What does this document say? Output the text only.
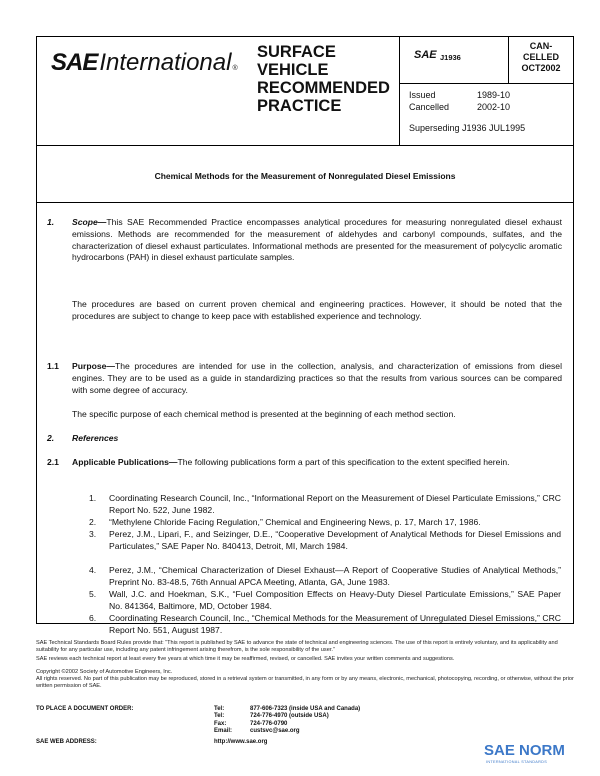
SAE International ®
SURFACE
VEHICLE
RECOMMENDED
PRACTICE
SAE J1936
CAN-
CELLED
OCT2002
Issued	1989-10
Cancelled	2002-10
Superseding J1936 JUL1995
Chemical Methods for the Measurement of Nonregulated Diesel Emissions
1. Scope—This SAE Recommended Practice encompasses analytical procedures for measuring nonregulated diesel exhaust emissions. Methods are recommended for the measurement of aldehydes and carbonyl compounds, sulfates, and the characterization of diesel exhaust particulates. Informational methods are presented for the measurement of polycyclic aromatic hydrocarbons (PAH) in diesel exhaust particulate samples.
The procedures are based on current proven chemical and engineering practices. However, it should be noted that the procedures are subject to change to keep pace with established experience and technology.
1.1 Purpose—The procedures are intended for use in the collection, analysis, and characterization of emissions from diesel engines. They are to be used as a guide in standardizing practices so that the results from various sources can be compared with some degree of accuracy.
The specific purpose of each chemical method is presented at the beginning of each method section.
2. References
2.1 Applicable Publications—The following publications form a part of this specification to the extent specified herein.
1. Coordinating Research Council, Inc., “Informational Report on the Measurement of Diesel Particulate Emissions,” CRC Report No. 522, June 1982.
2. “Methylene Chloride Facing Regulation,” Chemical and Engineering News, p. 17, March 17, 1986.
3. Perez, J.M., Lipari, F., and Seizinger, D.E., “Cooperative Development of Analytical Methods for Diesel Emissions and Particulates,” SAE Paper No. 840413, Detroit, MI, March 1984.
4. Perez, J.M., “Chemical Characterization of Diesel Exhaust—A Report of Cooperative Studies of Analytical Methods,” Preprint No. 83-48.5, 76th Annual APCA Meeting, Atlanta, GA, June 1983.
5. Wall, J.C. and Hoekman, S.K., “Fuel Composition Effects on Heavy-Duty Diesel Particulate Emissions,” SAE Paper No. 841364, Baltimore, MD, October 1984.
6. Coordinating Research Council, Inc., “Chemical Methods for the Measurement of Unregulated Diesel Emissions,” CRC Report No. 551, August 1987.

SAE Technical Standards Board Rules provide that: “This report is published by SAE to advance the state of technical and engineering sciences. The use of this report is entirely voluntary, and its applicability and suitability for any particular use, including any patent infringement arising therefrom, is the sole responsibility of the user.”

SAE reviews each technical report at least every five years at which time it may be reaffirmed, revised, or cancelled. SAE invites your written comments and suggestions.

Copyright ©2002 Society of Automotive Engineers, Inc.

All rights reserved. No part of this publication may be reproduced, stored in a retrieval system or transmitted, in any form or by any means, electronic, mechanical, photocopying, recording, or otherwise, without the prior written permission of SAE.

TO PLACE A DOCUMENT ORDER:	Tel:	877-606-7323 (inside USA and Canada)
Tel:	724-776-4970 (outside USA)
Fax:	724-776-0790
Email:	custsvc@sae.org
SAE WEB ADDRESS:	http://www.sae.org	SAE NORM
INTERNATIONAL STANDARDS
